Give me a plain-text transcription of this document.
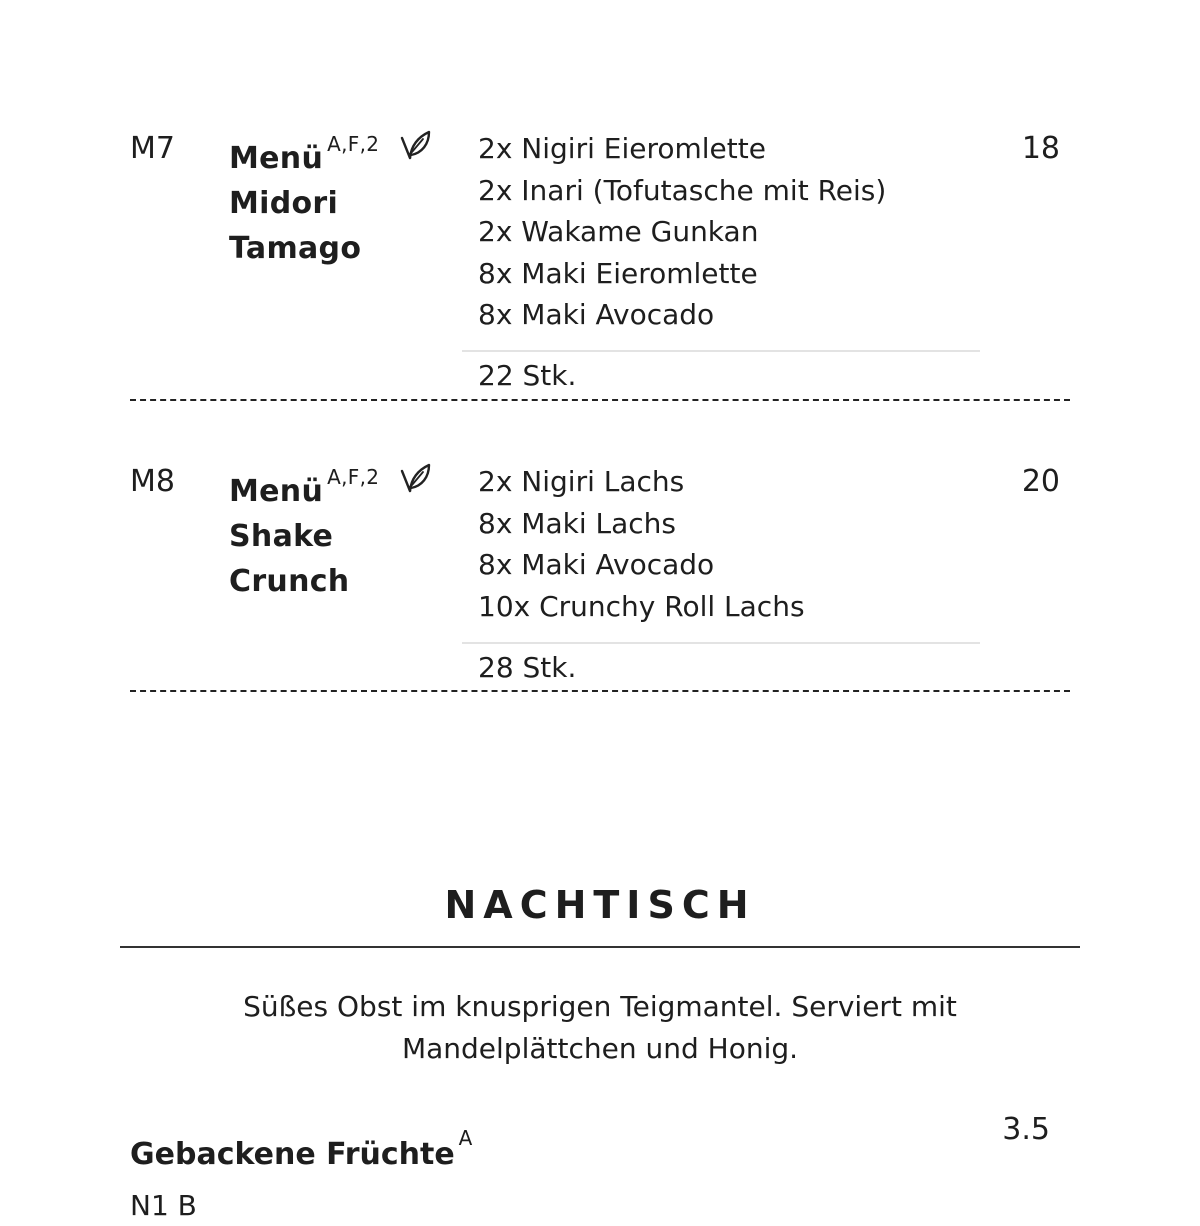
M7 Menü $^{A,F,2}$
Midori
Tamago
2x Nigiri Eieromlette
2x Inari (Tofutasche mit Reis)
2x Wakame Gunkan
8x Maki Eieromlette
8x Maki Avocado
18
22 Stk.
M8 Menü $^{A,F,2}$
Shake
Crunch
2x Nigiri Lachs
8x Maki Lachs
8x Maki Avocado
10x Crunchy Roll Lachs
20
28 Stk.
NACHTISCH
Süßes Obst im knusprigen Teigmantel. Serviert mit Mandelplättchen und Honig.
Gebackene Früchte $^A$	3.5
N1 B
